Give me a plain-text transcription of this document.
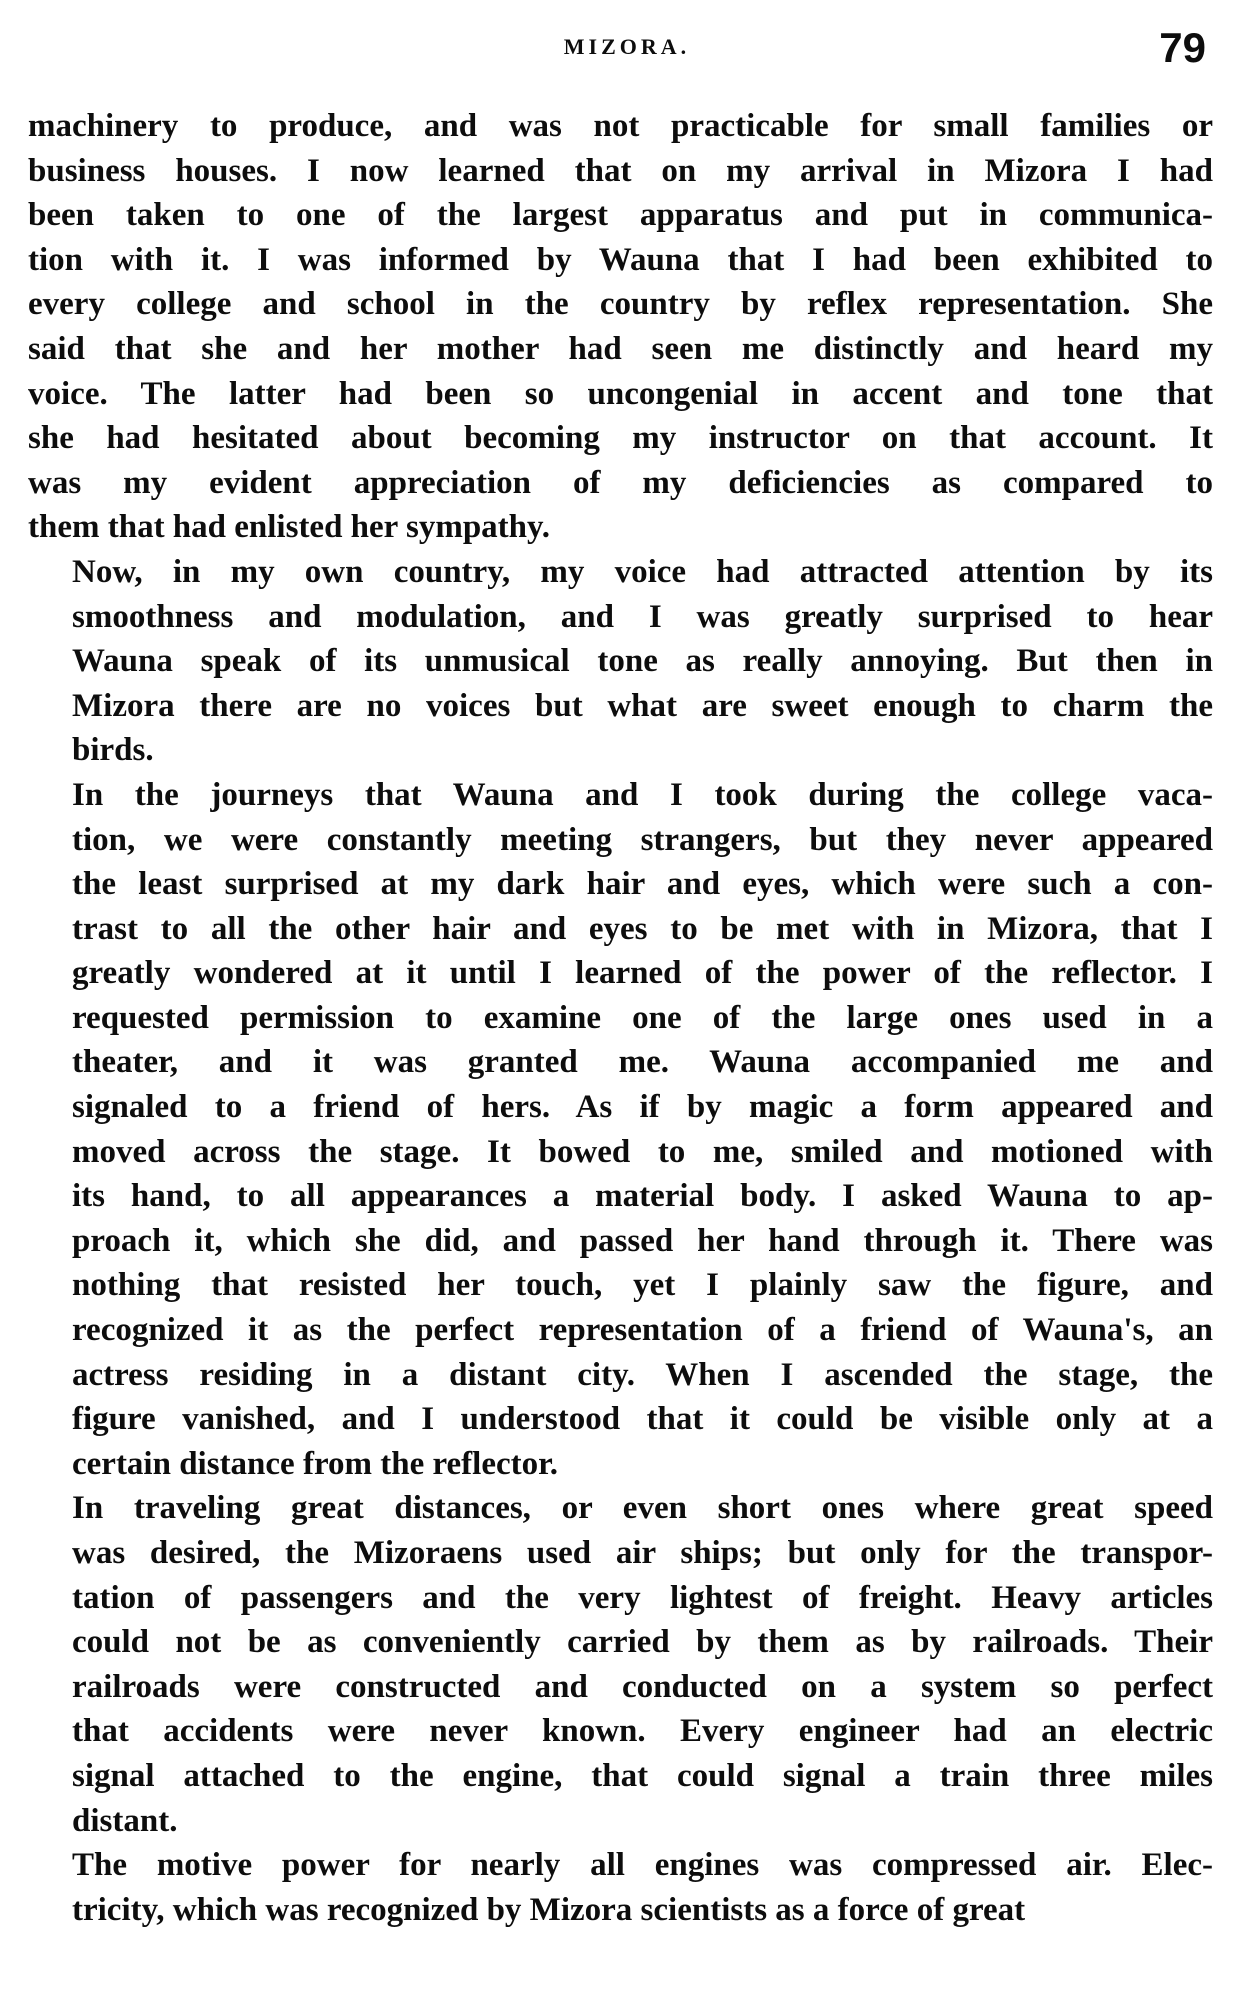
MIZORA.	79

machinery to produce, and was not practicable for small families or
business houses. I now learned that on my arrival in Mizora I had
been taken to one of the largest apparatus and put in communica-
tion with it. I was informed by Wauna that I had been exhibited to
every college and school in the country by reflex representation. She
said that she and her mother had seen me distinctly and heard my
voice. The latter had been so uncongenial in accent and tone that
she had hesitated about becoming my instructor on that account. It
was my evident appreciation of my deficiencies as compared to
them that had enlisted her sympathy.

Now, in my own country, my voice had attracted attention by its
smoothness and modulation, and I was greatly surprised to hear
Wauna speak of its unmusical tone as really annoying. But then in
Mizora there are no voices but what are sweet enough to charm the
birds.

In the journeys that Wauna and I took during the college vaca-
tion, we were constantly meeting strangers, but they never appeared
the least surprised at my dark hair and eyes, which were such a con-
trast to all the other hair and eyes to be met with in Mizora, that I
greatly wondered at it until I learned of the power of the reflector. I
requested permission to examine one of the large ones used in a
theater, and it was granted me. Wauna accompanied me and
signaled to a friend of hers. As if by magic a form appeared and
moved across the stage. It bowed to me, smiled and motioned with
its hand, to all appearances a material body. I asked Wauna to ap-
proach it, which she did, and passed her hand through it. There was
nothing that resisted her touch, yet I plainly saw the figure, and
recognized it as the perfect representation of a friend of Wauna's, an
actress residing in a distant city. When I ascended the stage, the
figure vanished, and I understood that it could be visible only at a
certain distance from the reflector.

In traveling great distances, or even short ones where great speed
was desired, the Mizoraens used air ships; but only for the transpor-
tation of passengers and the very lightest of freight. Heavy articles
could not be as conveniently carried by them as by railroads. Their
railroads were constructed and conducted on a system so perfect
that accidents were never known. Every engineer had an electric
signal attached to the engine, that could signal a train three miles
distant.

The motive power for nearly all engines was compressed air. Elec-
tricity, which was recognized by Mizora scientists as a force of great
